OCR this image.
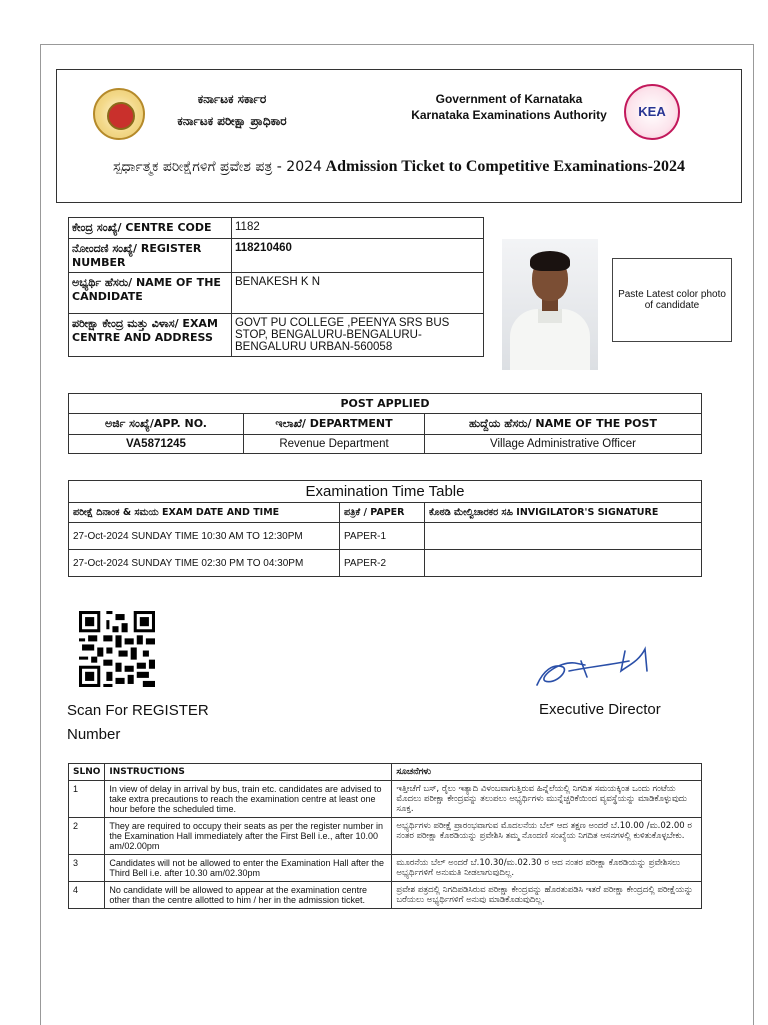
ಕರ್ನಾಟಕ ಸರ್ಕಾರ
ಕರ್ನಾಟಕ ಪರೀಕ್ಷಾ ಪ್ರಾಧಿಕಾರ
Government of Karnataka
Karnataka Examinations Authority	KEA
ಸ್ಪರ್ಧಾತ್ಮಕ ಪರೀಕ್ಷೆಗಳಿಗೆ ಪ್ರವೇಶ ಪತ್ರ - 2024 Admission Ticket to Competitive Examinations-2024
ಕೇಂದ್ರ ಸಂಖ್ಯೆ/ CENTRE CODE	1182
ನೋಂದಣಿ ಸಂಖ್ಯೆ/ REGISTER NUMBER	118210460
ಅಭ್ಯರ್ಥಿ ಹೆಸರು/ NAME OF THE CANDIDATE	BENAKESH K N
ಪರೀಕ್ಷಾ ಕೇಂದ್ರ ಮತ್ತು ವಿಳಾಸ/ EXAM CENTRE AND ADDRESS	GOVT PU COLLEGE ,PEENYA SRS BUS STOP, BENGALURU-BENGALURU-BENGALURU URBAN-560058
Paste Latest color photo of candidate
POST APPLIED		
ಅರ್ಜಿ ಸಂಖ್ಯೆ/APP. NO.	ಇಲಾಖೆ/ DEPARTMENT	ಹುದ್ದೆಯ ಹೆಸರು/ NAME OF THE POST
VA5871245	Revenue Department	Village Administrative Officer
Examination Time Table		
ಪರೀಕ್ಷೆ ದಿನಾಂಕ & ಸಮಯ EXAM DATE AND TIME	ಪತ್ರಿಕೆ / PAPER	ಕೊಠಡಿ ಮೇಲ್ವಿಚಾರಕರ ಸಹಿ INVIGILATOR'S SIGNATURE
27-Oct-2024 SUNDAY TIME 10:30 AM TO 12:30PM	PAPER-1	
27-Oct-2024 SUNDAY TIME 02:30 PM TO 04:30PM	PAPER-2	
Scan For REGISTER
Number
Executive Director
SLNO	INSTRUCTIONS	ಸೂಚನೆಗಳು
1	In view of delay in arrival by bus, train etc. candidates are advised to take extra precautions to reach the examination centre at least one hour before the scheduled time.	ಇತ್ತೀಚೆಗೆ ಬಸ್, ರೈಲು ಇತ್ಯಾದಿ ವಿಳಂಬವಾಗುತ್ತಿರುವ ಹಿನ್ನೆಲೆಯಲ್ಲಿ ನಿಗದಿತ ಸಮಯಕ್ಕಿಂತ ಒಂದು ಗಂಟೆಯ ಮೊದಲು ಪರೀಕ್ಷಾ ಕೇಂದ್ರವನ್ನು ತಲುಪಲು ಅಭ್ಯರ್ಥಿಗಳು ಮುನ್ನೆಚ್ಚರಿಕೆಯಿಂದ ವ್ಯವಸ್ಥೆಯನ್ನು ಮಾಡಿಕೊಳ್ಳುವುದು ಸೂಕ್ತ.
2	They are required to occupy their seats as per the register number in the Examination Hall immediately after the First Bell i.e., after 10.00 am/02.00pm	ಅಭ್ಯರ್ಥಿಗಳು ಪರೀಕ್ಷೆ ಪ್ರಾರಂಭವಾಗುವ ಮೊದಲನೆಯ ಬೆಲ್ ಆದ ತಕ್ಷಣ ಅಂದರೆ ಬೆ.10.00 /ಮ.02.00 ರ ನಂತರ ಪರೀಕ್ಷಾ ಕೊಠಡಿಯನ್ನು ಪ್ರವೇಶಿಸಿ ತಮ್ಮ ನೊಂದಣಿ ಸಂಖ್ಯೆಯ ನಿಗದಿತ ಆಸನಗಳಲ್ಲಿ ಕುಳಿತುಕೊಳ್ಳಬೇಕು.
3	Candidates will not be allowed to enter the Examination Hall after the Third Bell i.e. after 10.30 am/02.30pm	ಮೂರನೆಯ ಬೆಲ್ ಅಂದರೆ ಬೆ.10.30/ಮ.02.30 ರ ಆದ ನಂತರ ಪರೀಕ್ಷಾ ಕೊಠಡಿಯನ್ನು ಪ್ರವೇಶಿಸಲು ಅಭ್ಯರ್ಥಿಗಳಿಗೆ ಅನುಮತಿ ನೀಡಲಾಗುವುದಿಲ್ಲ.
4	No candidate will be allowed to appear at the examination centre other than the centre allotted to him / her in the admission ticket.	ಪ್ರವೇಶ ಪತ್ರದಲ್ಲಿ ನಿಗದಿಪಡಿಸಿರುವ ಪರೀಕ್ಷಾ ಕೇಂದ್ರವನ್ನು ಹೊರತುಪಡಿಸಿ ಇತರೆ ಪರೀಕ್ಷಾ ಕೇಂದ್ರದಲ್ಲಿ ಪರೀಕ್ಷೆಯನ್ನು ಬರೆಯಲು ಅಭ್ಯರ್ಥಿಗಳಿಗೆ ಅನುವು ಮಾಡಿಕೊಡುವುದಿಲ್ಲ.
